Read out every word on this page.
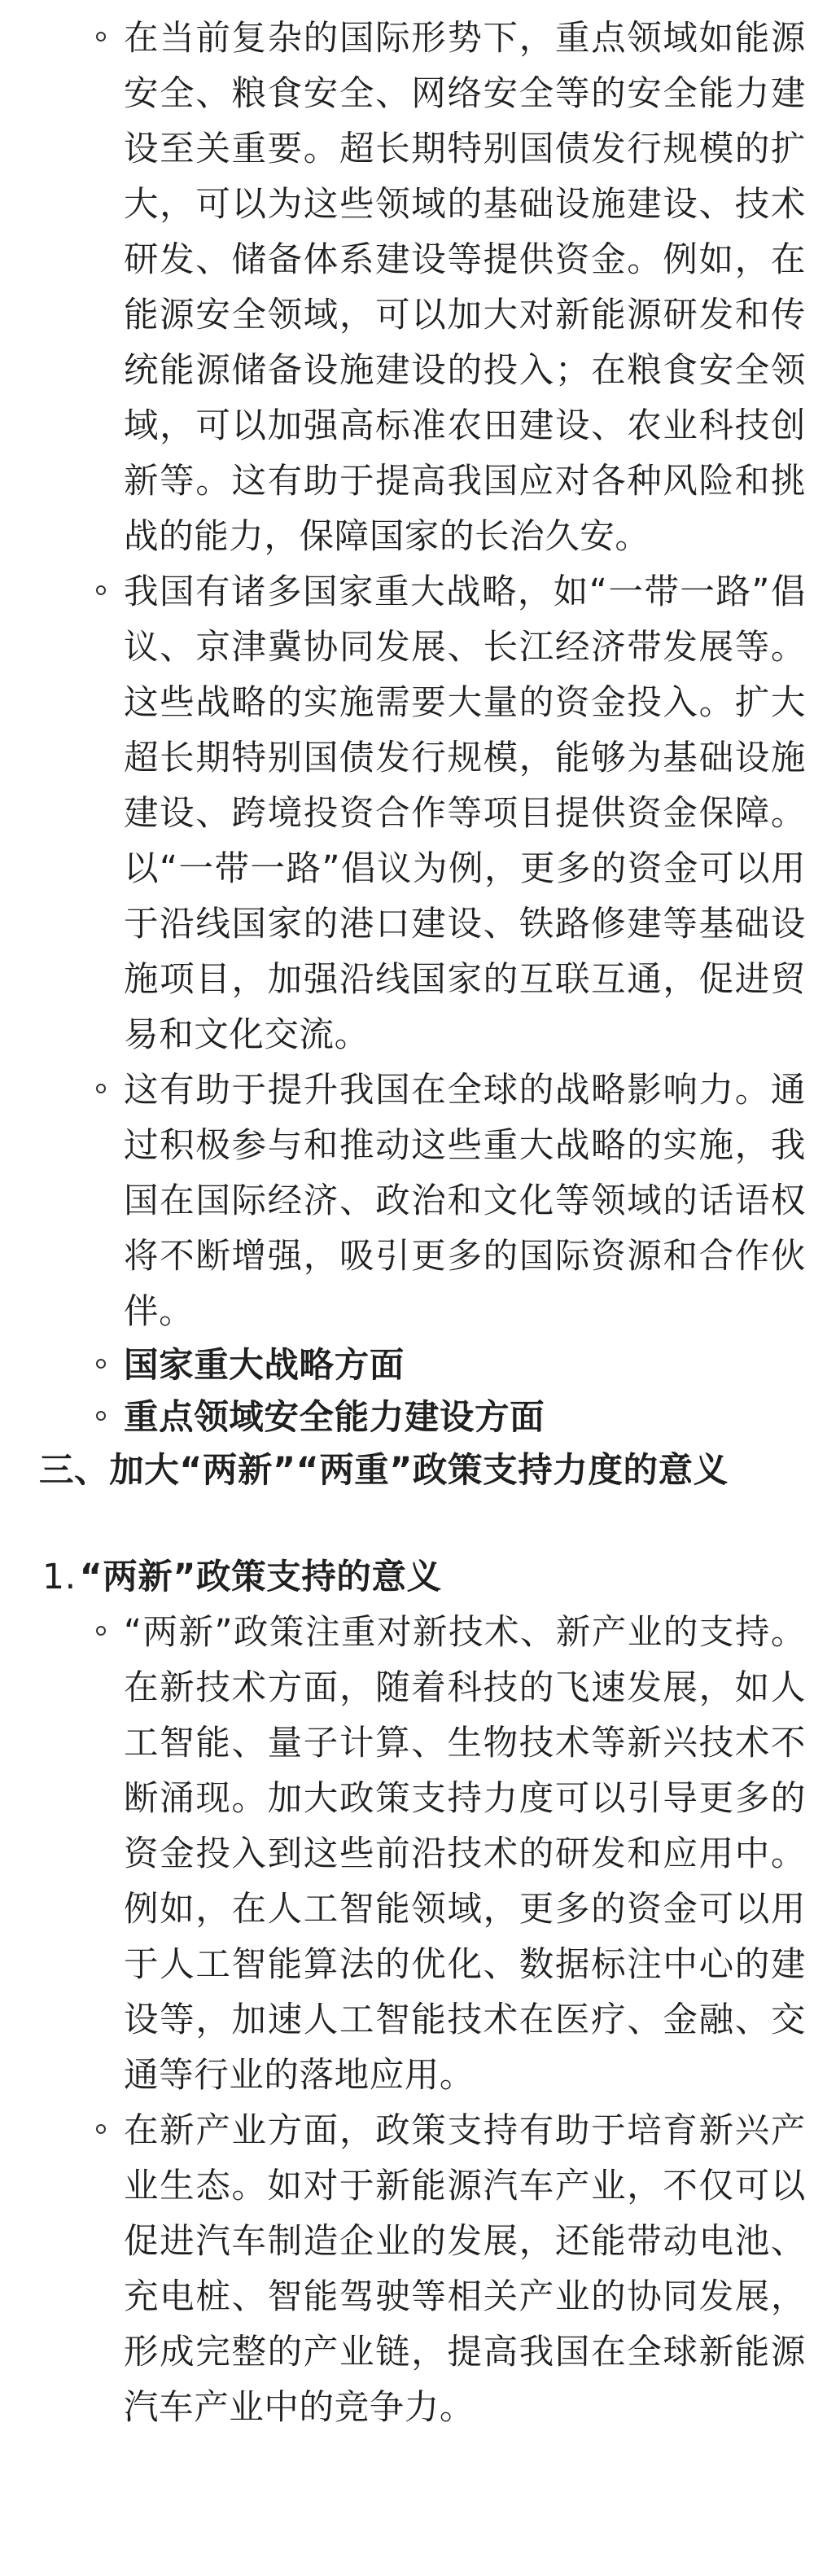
在当前复杂的国际形势下，重点领域如能源安全、粮食安全、网络安全等的安全能力建设至关重要。超长期特别国债发行规模的扩大，可以为这些领域的基础设施建设、技术研发、储备体系建设等提供资金。例如，在能源安全领域，可以加大对新能源研发和传统能源储备设施建设的投入；在粮食安全领域，可以加强高标准农田建设、农业科技创新等。这有助于提高我国应对各种风险和挑战的能力，保障国家的长治久安。
我国有诸多国家重大战略，如“一带一路”倡议、京津冀协同发展、长江经济带发展等。这些战略的实施需要大量的资金投入。扩大超长期特别国债发行规模，能够为基础设施建设、跨境投资合作等项目提供资金保障。以“一带一路”倡议为例，更多的资金可以用于沿线国家的港口建设、铁路修建等基础设施项目，加强沿线国家的互联互通，促进贸易和文化交流。
这有助于提升我国在全球的战略影响力。通过积极参与和推动这些重大战略的实施，我国在国际经济、政治和文化等领域的话语权将不断增强，吸引更多的国际资源和合作伙伴。
国家重大战略方面
重点领域安全能力建设方面
三、加大“两新”“两重”政策支持力度的意义
1.“两新”政策支持的意义
“两新”政策注重对新技术、新产业的支持。在新技术方面，随着科技的飞速发展，如人工智能、量子计算、生物技术等新兴技术不断涌现。加大政策支持力度可以引导更多的资金投入到这些前沿技术的研发和应用中。例如，在人工智能领域，更多的资金可以用于人工智能算法的优化、数据标注中心的建设等，加速人工智能技术在医疗、金融、交通等行业的落地应用。
在新产业方面，政策支持有助于培育新兴产业生态。如对于新能源汽车产业，不仅可以促进汽车制造企业的发展，还能带动电池、充电桩、智能驾驶等相关产业的协同发展，形成完整的产业链，提高我国在全球新能源汽车产业中的竞争力。
